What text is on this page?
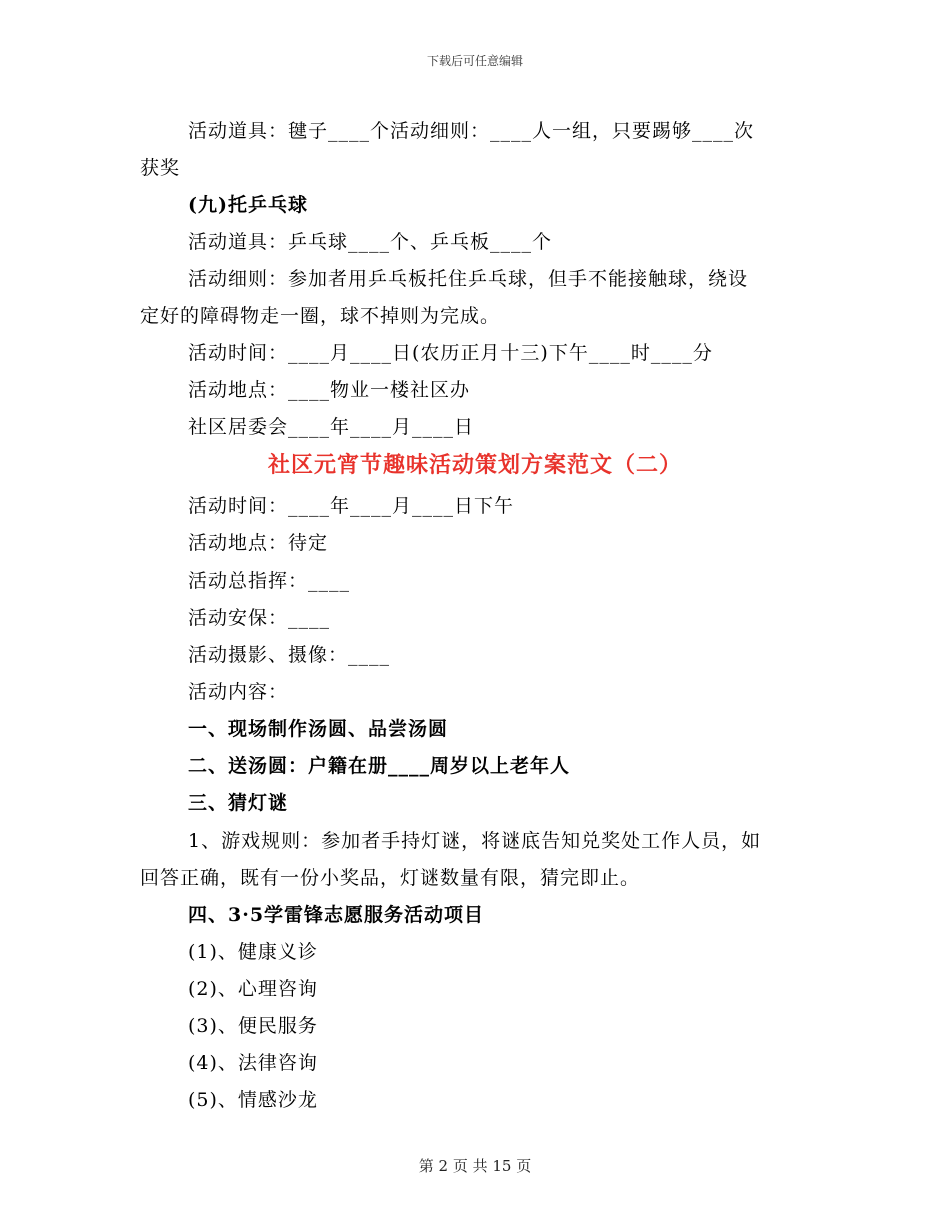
下载后可任意编辑
活动道具：毽子____个活动细则：____人一组，只要踢够____次
获奖
(九)托乒乓球
活动道具：乒乓球____个、乒乓板____个
活动细则：参加者用乒乓板托住乒乓球，但手不能接触球，绕设
定好的障碍物走一圈，球不掉则为完成。
活动时间：____月____日(农历正月十三)下午____时____分
活动地点：____物业一楼社区办
社区居委会____年____月____日
社区元宵节趣味活动策划方案范文（二）
活动时间：____年____月____日下午
活动地点：待定
活动总指挥：____
活动安保：____
活动摄影、摄像：____
活动内容：
一、现场制作汤圆、品尝汤圆
二、送汤圆：户籍在册____周岁以上老年人
三、猜灯谜
1、游戏规则：参加者手持灯谜，将谜底告知兑奖处工作人员，如
回答正确，既有一份小奖品，灯谜数量有限，猜完即止。
四、3·5学雷锋志愿服务活动项目
(1)、健康义诊
(2)、心理咨询
(3)、便民服务
(4)、法律咨询
(5)、情感沙龙
第 2 页 共 15 页
